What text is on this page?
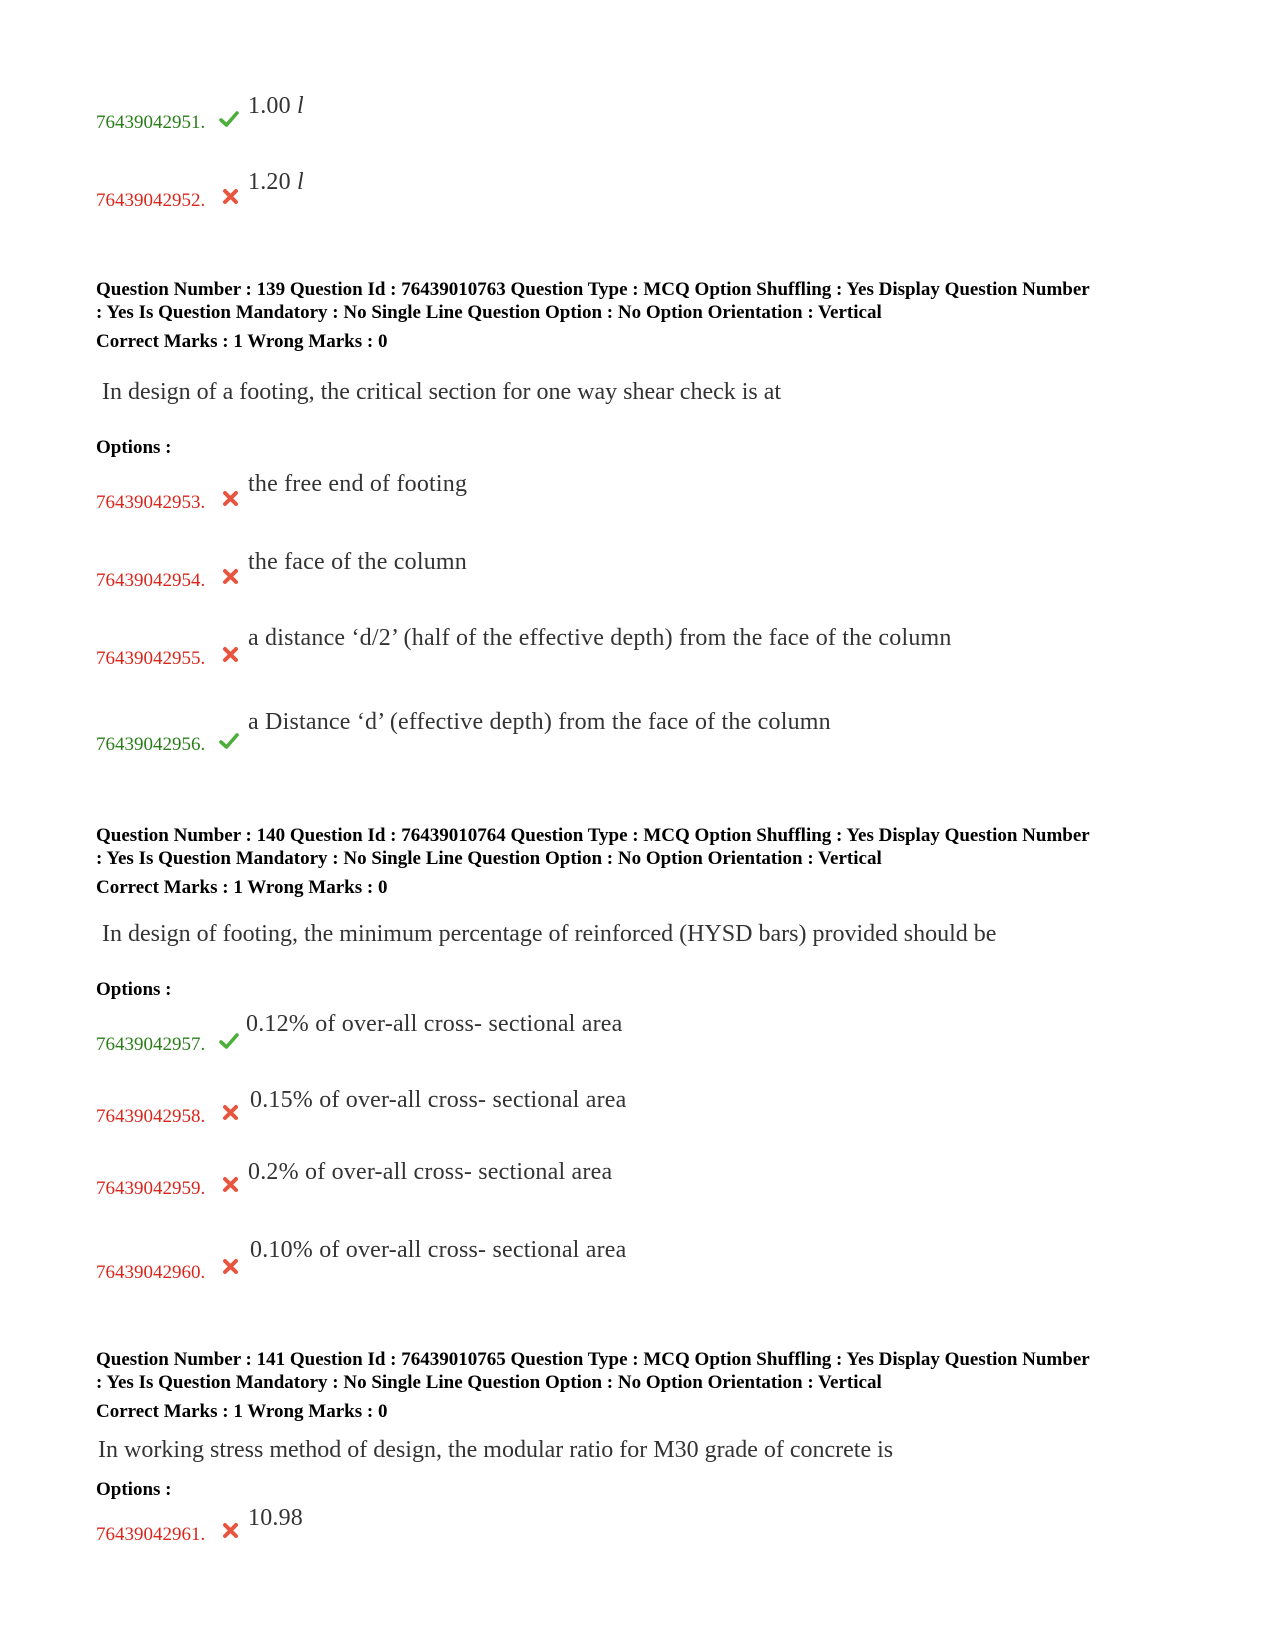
76439042951.
1.00 l
76439042952.
1.20 l
Question Number : 139 Question Id : 76439010763 Question Type : MCQ Option Shuffling : Yes Display Question Number
: Yes Is Question Mandatory : No Single Line Question Option : No Option Orientation : Vertical
Correct Marks : 1 Wrong Marks : 0
In design of a footing, the critical section for one way shear check is at
Options :
76439042953.
the free end of footing
76439042954.
the face of the column
76439042955.
a distance ‘d/2’ (half of the effective depth) from the face of the column
76439042956.
a Distance ‘d’ (effective depth) from the face of the column
Question Number : 140 Question Id : 76439010764 Question Type : MCQ Option Shuffling : Yes Display Question Number
: Yes Is Question Mandatory : No Single Line Question Option : No Option Orientation : Vertical
Correct Marks : 1 Wrong Marks : 0
In design of footing, the minimum percentage of reinforced (HYSD bars) provided should be
Options :
76439042957.
0.12% of over-all cross- sectional area
76439042958.
0.15% of over-all cross- sectional area
76439042959.
0.2% of over-all cross- sectional area
76439042960.
0.10% of over-all cross- sectional area
Question Number : 141 Question Id : 76439010765 Question Type : MCQ Option Shuffling : Yes Display Question Number
: Yes Is Question Mandatory : No Single Line Question Option : No Option Orientation : Vertical
Correct Marks : 1 Wrong Marks : 0
In working stress method of design, the modular ratio for M30 grade of concrete is
Options :
76439042961.
10.98
